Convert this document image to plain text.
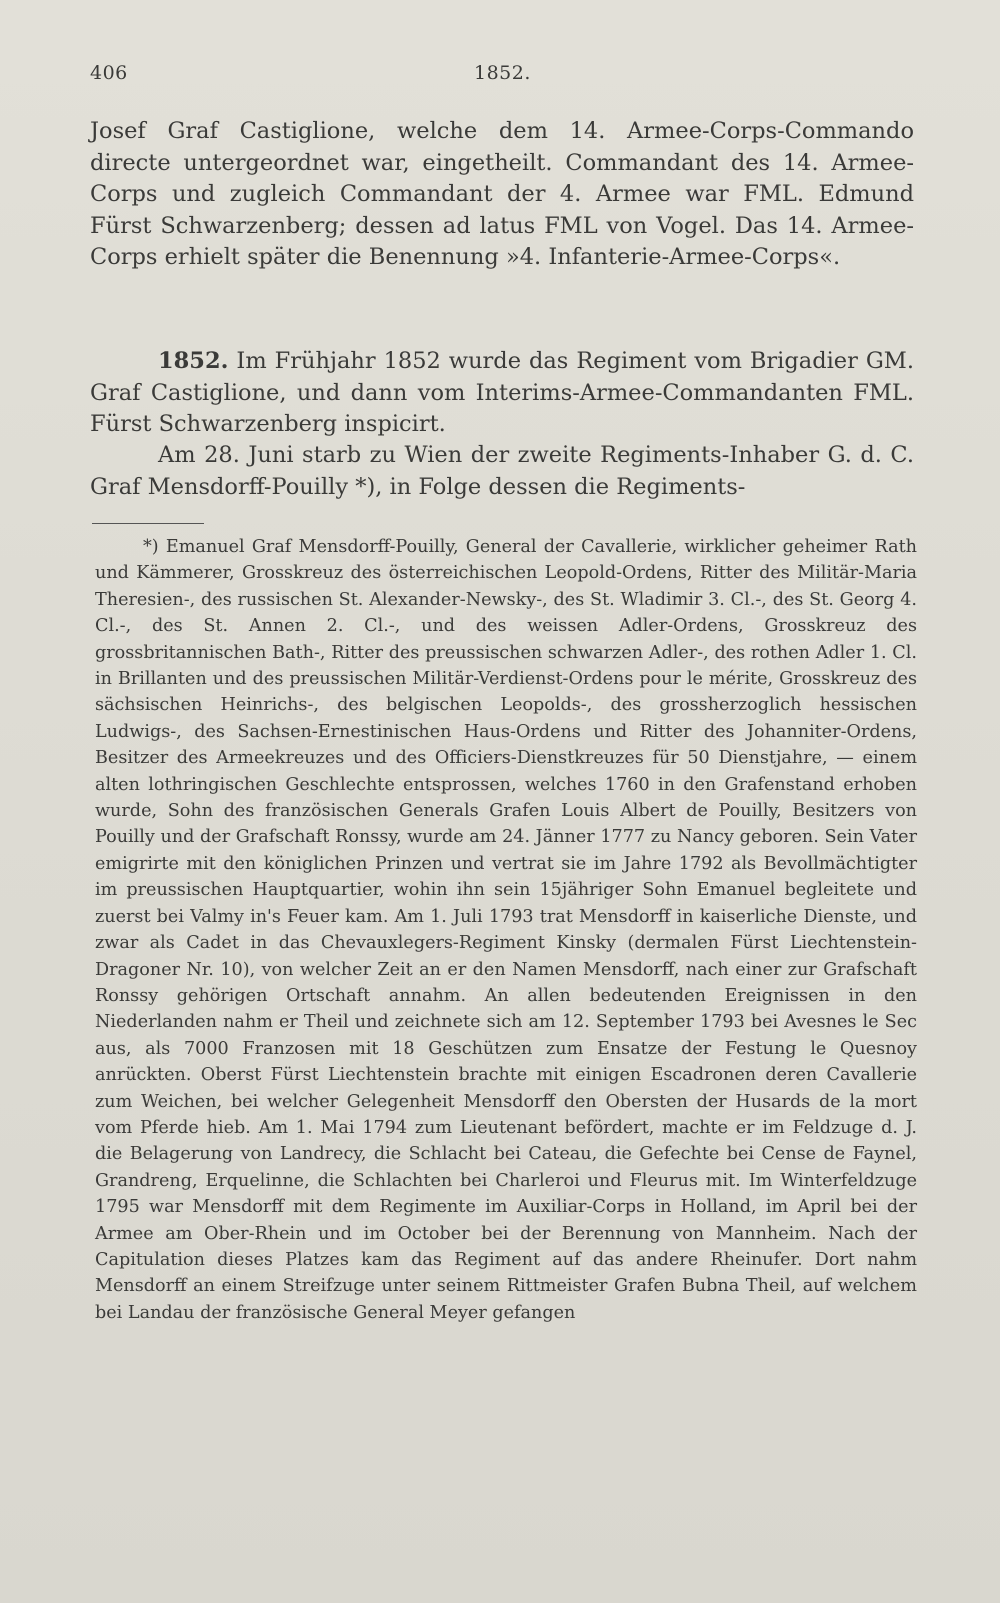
406	1852.

Josef Graf Castiglione, welche dem 14. Armee-Corps-Commando directe untergeordnet war, eingetheilt. Commandant des 14. Armee-Corps und zugleich Commandant der 4. Armee war FML. Edmund Fürst Schwarzenberg; dessen ad latus FML von Vogel. Das 14. Armee-Corps erhielt später die Benennung »4. Infanterie-Armee-Corps«.

1852. Im Frühjahr 1852 wurde das Regiment vom Brigadier GM. Graf Castiglione, und dann vom Interims-Armee-Commandanten FML. Fürst Schwarzenberg inspicirt.

Am 28. Juni starb zu Wien der zweite Regiments-Inhaber G. d. C. Graf Mensdorff-Pouilly *), in Folge dessen die Regiments-

*) Emanuel Graf Mensdorff-Pouilly, General der Cavallerie, wirklicher geheimer Rath und Kämmerer, Grosskreuz des österreichischen Leopold-Ordens, Ritter des Militär-Maria Theresien-, des russischen St. Alexander-Newsky-, des St. Wladimir 3. Cl.-, des St. Georg 4. Cl.-, des St. Annen 2. Cl.-, und des weissen Adler-Ordens, Grosskreuz des grossbritannischen Bath-, Ritter des preussischen schwarzen Adler-, des rothen Adler 1. Cl. in Brillanten und des preussischen Militär-Verdienst-Ordens pour le mérite, Grosskreuz des sächsischen Heinrichs-, des belgischen Leopolds-, des grossherzoglich hessischen Ludwigs-, des Sachsen-Ernestinischen Haus-Ordens und Ritter des Johanniter-Ordens, Besitzer des Armeekreuzes und des Officiers-Dienstkreuzes für 50 Dienstjahre, — einem alten lothringischen Geschlechte entsprossen, welches 1760 in den Grafenstand erhoben wurde, Sohn des französischen Generals Grafen Louis Albert de Pouilly, Besitzers von Pouilly und der Grafschaft Ronssy, wurde am 24. Jänner 1777 zu Nancy geboren. Sein Vater emigrirte mit den königlichen Prinzen und vertrat sie im Jahre 1792 als Bevollmächtigter im preussischen Hauptquartier, wohin ihn sein 15jähriger Sohn Emanuel begleitete und zuerst bei Valmy in's Feuer kam. Am 1. Juli 1793 trat Mensdorff in kaiserliche Dienste, und zwar als Cadet in das Chevauxlegers-Regiment Kinsky (dermalen Fürst Liechtenstein-Dragoner Nr. 10), von welcher Zeit an er den Namen Mensdorff, nach einer zur Grafschaft Ronssy gehörigen Ortschaft annahm. An allen bedeutenden Ereignissen in den Niederlanden nahm er Theil und zeichnete sich am 12. September 1793 bei Avesnes le Sec aus, als 7000 Franzosen mit 18 Geschützen zum Ensatze der Festung le Quesnoy anrückten. Oberst Fürst Liechtenstein brachte mit einigen Escadronen deren Cavallerie zum Weichen, bei welcher Gelegenheit Mensdorff den Obersten der Husards de la mort vom Pferde hieb. Am 1. Mai 1794 zum Lieutenant befördert, machte er im Feldzuge d. J. die Belagerung von Landrecy, die Schlacht bei Cateau, die Gefechte bei Cense de Faynel, Grandreng, Erquelinne, die Schlachten bei Charleroi und Fleurus mit. Im Winterfeldzuge 1795 war Mensdorff mit dem Regimente im Auxiliar-Corps in Holland, im April bei der Armee am Ober-Rhein und im October bei der Berennung von Mannheim. Nach der Capitulation dieses Platzes kam das Regiment auf das andere Rheinufer. Dort nahm Mensdorff an einem Streifzuge unter seinem Rittmeister Grafen Bubna Theil, auf welchem bei Landau der französische General Meyer gefangen
